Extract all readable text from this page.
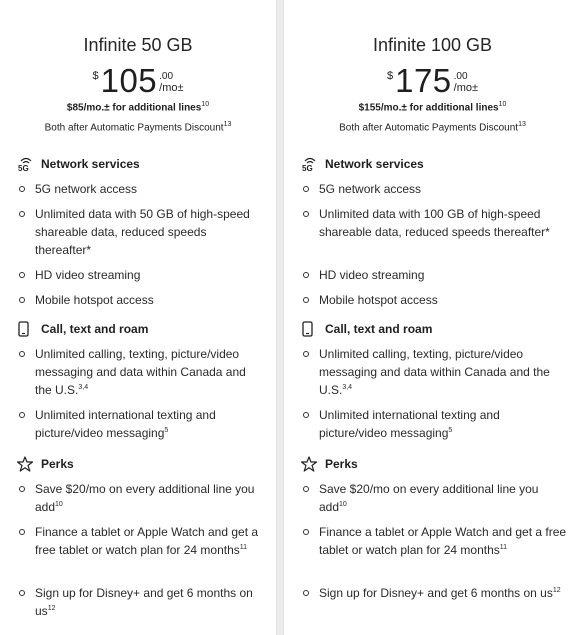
Infinite 50 GB
$ 105 .00
/mo±
$85/mo.± for additional lines$^{10}$
Both after Automatic Payments Discount$^{13}$
5G Network services
5G network access
Unlimited data with 50 GB of high-speed shareable data, reduced speeds thereafter*
HD video streaming
Mobile hotspot access
Call, text and roam
Unlimited calling, texting, picture/video messaging and data within Canada and the U.S.$^{3,4}$
Unlimited international texting and picture/video messaging$^5$
Perks
Save $20/mo on every additional line you add$^{10}$
Finance a tablet or Apple Watch and get a free tablet or watch plan for 24 months$^{11}$
Sign up for Disney+ and get 6 months on $us^{12}$
Infinite 100 GB
$ 175 .00
/mo±
$155/mo.± for additional lines$^{10}$
Both after Automatic Payments Discount$^{13}$
5G Network services
5G network access
Unlimited data with 100 GB of high-speed shareable data, reduced speeds thereafter*
HD video streaming
Mobile hotspot access
Call, text and roam
Unlimited calling, texting, picture/video messaging and data within Canada and the U.S.$^{3,4}$
Unlimited international texting and picture/video messaging$^5$
Perks
Save $20/mo on every additional line you add$^{10}$
Finance a tablet or Apple Watch and get a free tablet or watch plan for 24 months$^{11}$
Sign up for Disney+ and get 6 months on $us^{12}$
